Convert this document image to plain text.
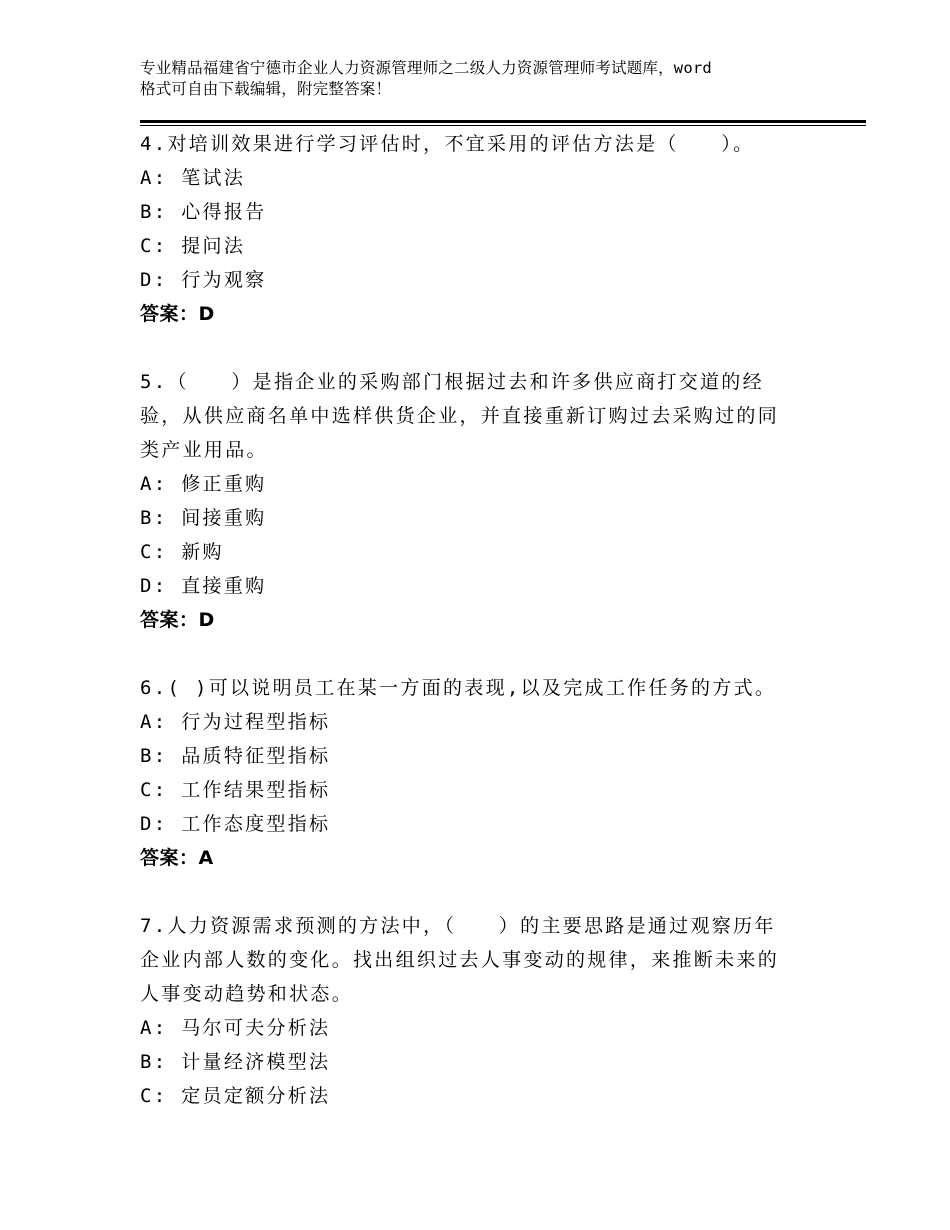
专业精品福建省宁德市企业人力资源管理师之二级人力资源管理师考试题库，word
格式可自由下载编辑，附完整答案！
4.对培训效果进行学习评估时，不宜采用的评估方法是（　　）。
A: 笔试法
B: 心得报告
C: 提问法
D: 行为观察
答案：D
5.（　　）是指企业的采购部门根据过去和许多供应商打交道的经
验，从供应商名单中选样供货企业，并直接重新订购过去采购过的同
类产业用品。
A: 修正重购
B: 间接重购
C: 新购
D: 直接重购
答案：D
6.( )可以说明员工在某一方面的表现,以及完成工作任务的方式。
A: 行为过程型指标
B: 品质特征型指标
C: 工作结果型指标
D: 工作态度型指标
答案：A
7.人力资源需求预测的方法中，（　　）的主要思路是通过观察历年
企业内部人数的变化。找出组织过去人事变动的规律，来推断未来的
人事变动趋势和状态。
A: 马尔可夫分析法
B: 计量经济模型法
C: 定员定额分析法
